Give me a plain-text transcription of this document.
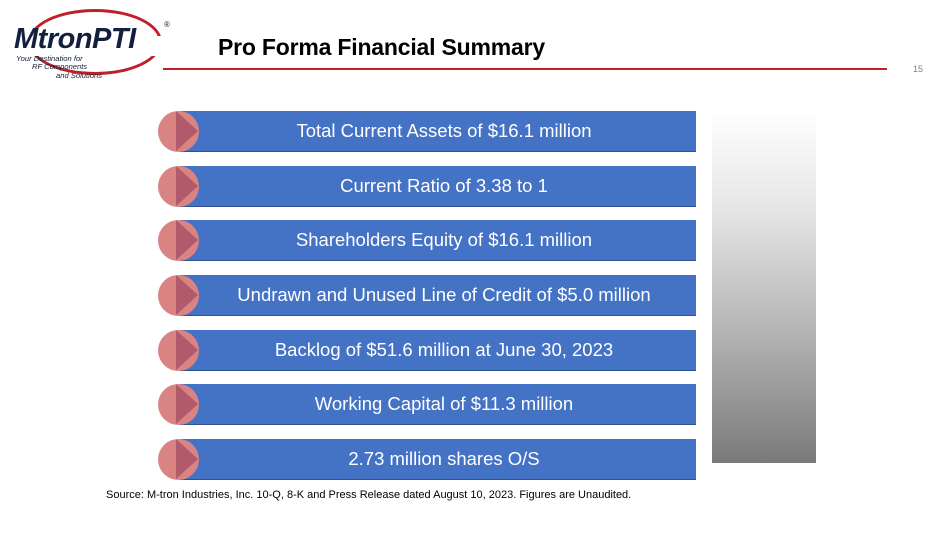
MtronPTI	®
Your Destination for
RF Components
and Solutions
Pro Forma Financial Summary
15
Total Current Assets of $16.1 million
Current Ratio of 3.38 to 1
Shareholders Equity of $16.1 million
Undrawn and Unused Line of Credit of $5.0 million
Backlog of $51.6 million at June 30, 2023
Working Capital of $11.3 million
2.73 million shares O/S
Source: M-tron Industries, Inc. 10-Q, 8-K and Press Release dated August 10, 2023. Figures are Unaudited.
